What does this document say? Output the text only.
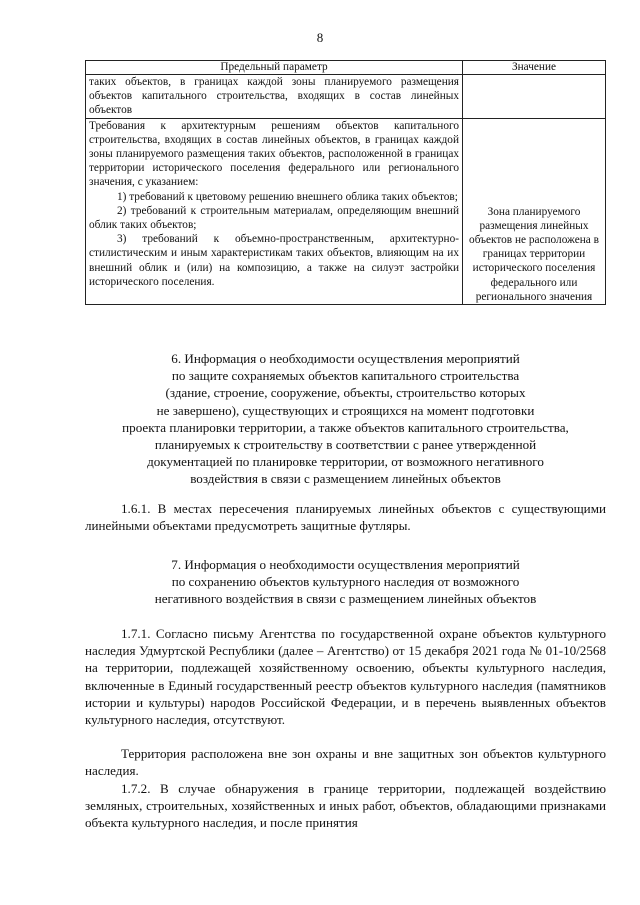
8
Предельный параметр	Значение
таких объектов, в границах каждой зоны планируемого размещения объектов капитального строительства, входящих в состав линейных объектов	

Требования к архитектурным решениям объектов капитального строительства, входящих в состав линейных объектов, в границах каждой зоны планируемого размещения таких объектов, расположенной в границах территории исторического поселения федерального или регионального значения, с указанием:

1) требований к цветовому решению внешнего облика таких объектов;

2) требований к строительным материалам, определяющим внешний облик таких объектов;

3) требований к объемно-пространственным, архитектурно-стилистическим и иным характеристикам таких объектов, влияющим на их внешний облик и (или) на композицию, а также на силуэт застройки исторического поселения.	Зона планируемого размещения линейных объектов не расположена в границах территории исторического поселения федерального или регионального значения
6. Информация о необходимости осуществления мероприятий
по защите сохраняемых объектов капитального строительства
(здание, строение, сооружение, объекты, строительство которых
не завершено), существующих и строящихся на момент подготовки
проекта планировки территории, а также объектов капитального строительства,
планируемых к строительству в соответствии с ранее утвержденной
документацией по планировке территории, от возможного негативного
воздействия в связи с размещением линейных объектов

1.6.1. В местах пересечения планируемых линейных объектов с существующими линейными объектами предусмотреть защитные футляры.

7. Информация о необходимости осуществления мероприятий
по сохранению объектов культурного наследия от возможного
негативного воздействия в связи с размещением линейных объектов

1.7.1. Согласно письму Агентства по государственной охране объектов культурного наследия Удмуртской Республики (далее – Агентство) от 15 декабря 2021 года № 01-10/2568 на территории, подлежащей хозяйственному освоению, объекты культурного наследия, включенные в Единый государственный реестр объектов культурного наследия (памятников истории и культуры) народов Российской Федерации, и в перечень выявленных объектов культурного наследия, отсутствуют.

Территория расположена вне зон охраны и вне защитных зон объектов культурного наследия.

1.7.2. В случае обнаружения в границе территории, подлежащей воздействию земляных, строительных, хозяйственных и иных работ, объектов, обладающими признаками объекта культурного наследия, и после принятия
